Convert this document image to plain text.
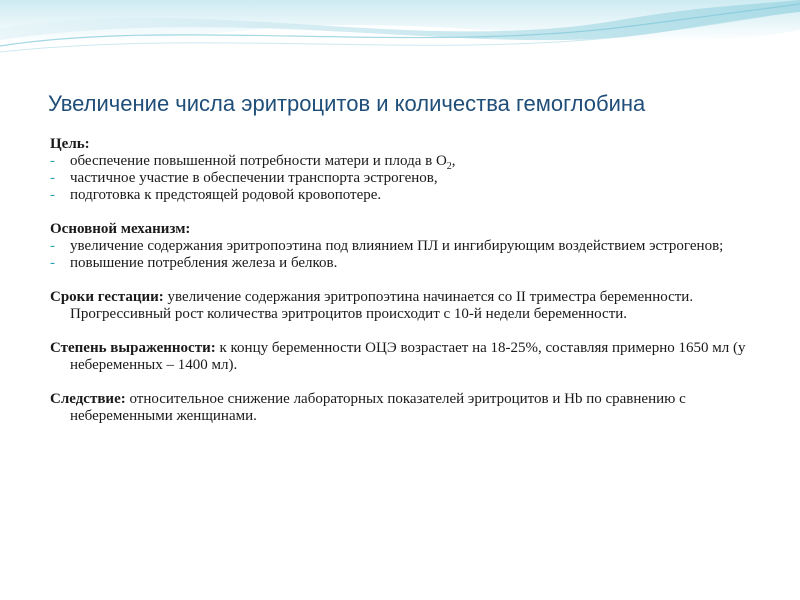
Увеличение числа эритроцитов и количества гемоглобина
Цель:
- обеспечение повышенной потребности матери и плода в $О_2$,
- частичное участие в обеспечении транспорта эстрогенов,
- подготовка к предстоящей родовой кровопотере.
Основной механизм:
- увеличение содержания эритропоэтина под влиянием ПЛ и ингибирующим воздействием эстрогенов;
- повышение потребления железа и белков.
Сроки гестации: увеличение содержания эритропоэтина начинается со II триместра беременности. Прогрессивный рост количества эритроцитов происходит с 10-й недели беременности.
Степень выраженности: к концу беременности ОЦЭ возрастает на 18-25%, составляя примерно 1650 мл (у небеременных – 1400 мл).
Следствие: относительное снижение лабораторных показателей эритроцитов и Hb по сравнению с небеременными женщинами.
